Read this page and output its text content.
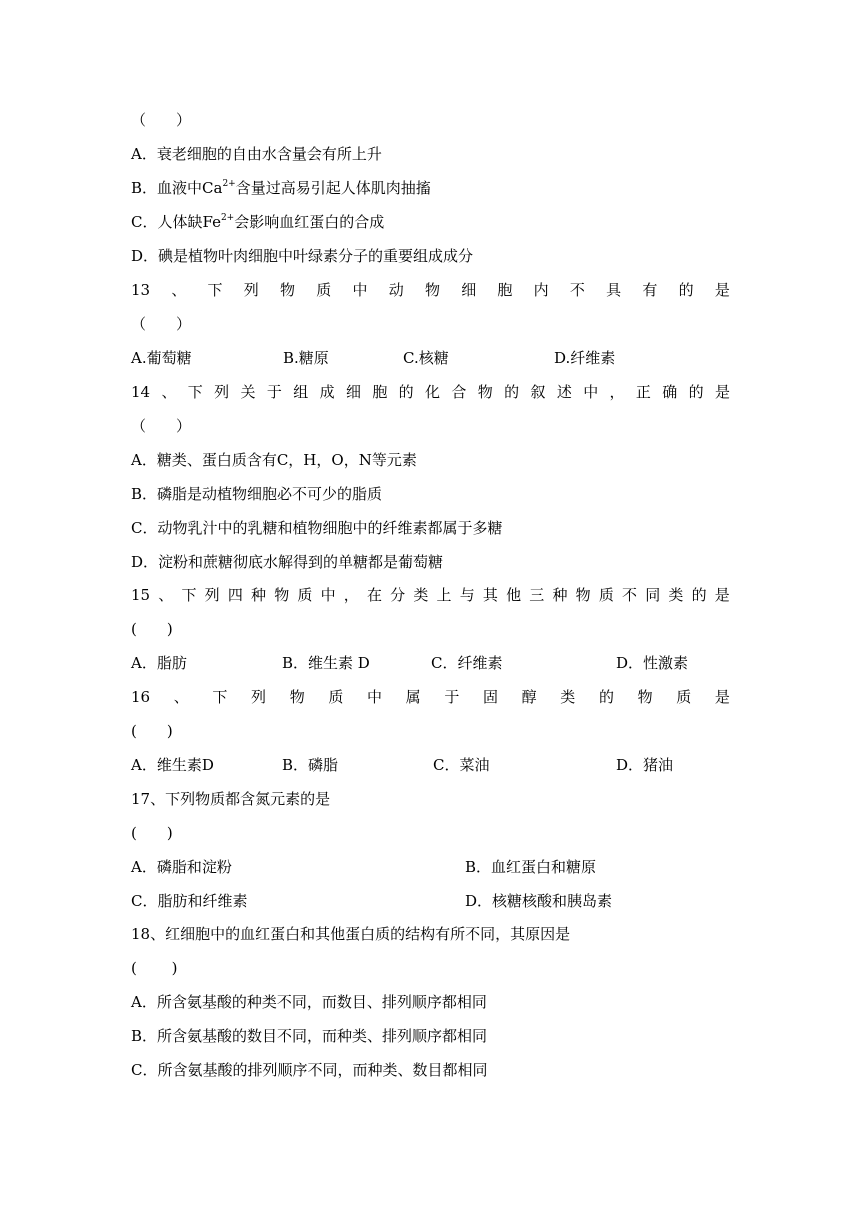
（　　）
A．衰老细胞的自由水含量会有所上升
B．血液中$Ca^{2+}$含量过高易引起人体肌肉抽搐
C．人体缺$Fe^{2+}$会影响血红蛋白的合成
D．碘是植物叶肉细胞中叶绿素分子的重要组成成分
13 、 下 列 物 质 中 动 物 细 胞 内 不 具 有 的 是
（　　）
A.葡萄糖	B.糖原	C.核糖	D.纤维素
14 、 下 列 关 于 组 成 细 胞 的 化 合 物 的 叙 述 中 ， 正 确 的 是
（　　）
A．糖类、蛋白质含有C，H，O，N等元素
B．磷脂是动植物细胞必不可少的脂质
C．动物乳汁中的乳糖和植物细胞中的纤维素都属于多糖
D．淀粉和蔗糖彻底水解得到的单糖都是葡萄糖
15 、 下 列 四 种 物 质 中 ， 在 分 类 上 与 其 他 三 种 物 质 不 同 类 的 是
(　　)
A．脂肪	B．维生素 D	C．纤维素	D．性激素
16 、 下 列 物 质 中 属 于 固 醇 类 的 物 质 是
(　　)
A．维生素D	B．磷脂	C．菜油	D．猪油
17、下列物质都含氮元素的是
(　　)
A．磷脂和淀粉	B．血红蛋白和糖原
C．脂肪和纤维素	D．核糖核酸和胰岛素
18、红细胞中的血红蛋白和其他蛋白质的结构有所不同，其原因是
(　　 )
A．所含氨基酸的种类不同，而数目、排列顺序都相同
B．所含氨基酸的数目不同，而种类、排列顺序都相同
C．所含氨基酸的排列顺序不同，而种类、数目都相同
